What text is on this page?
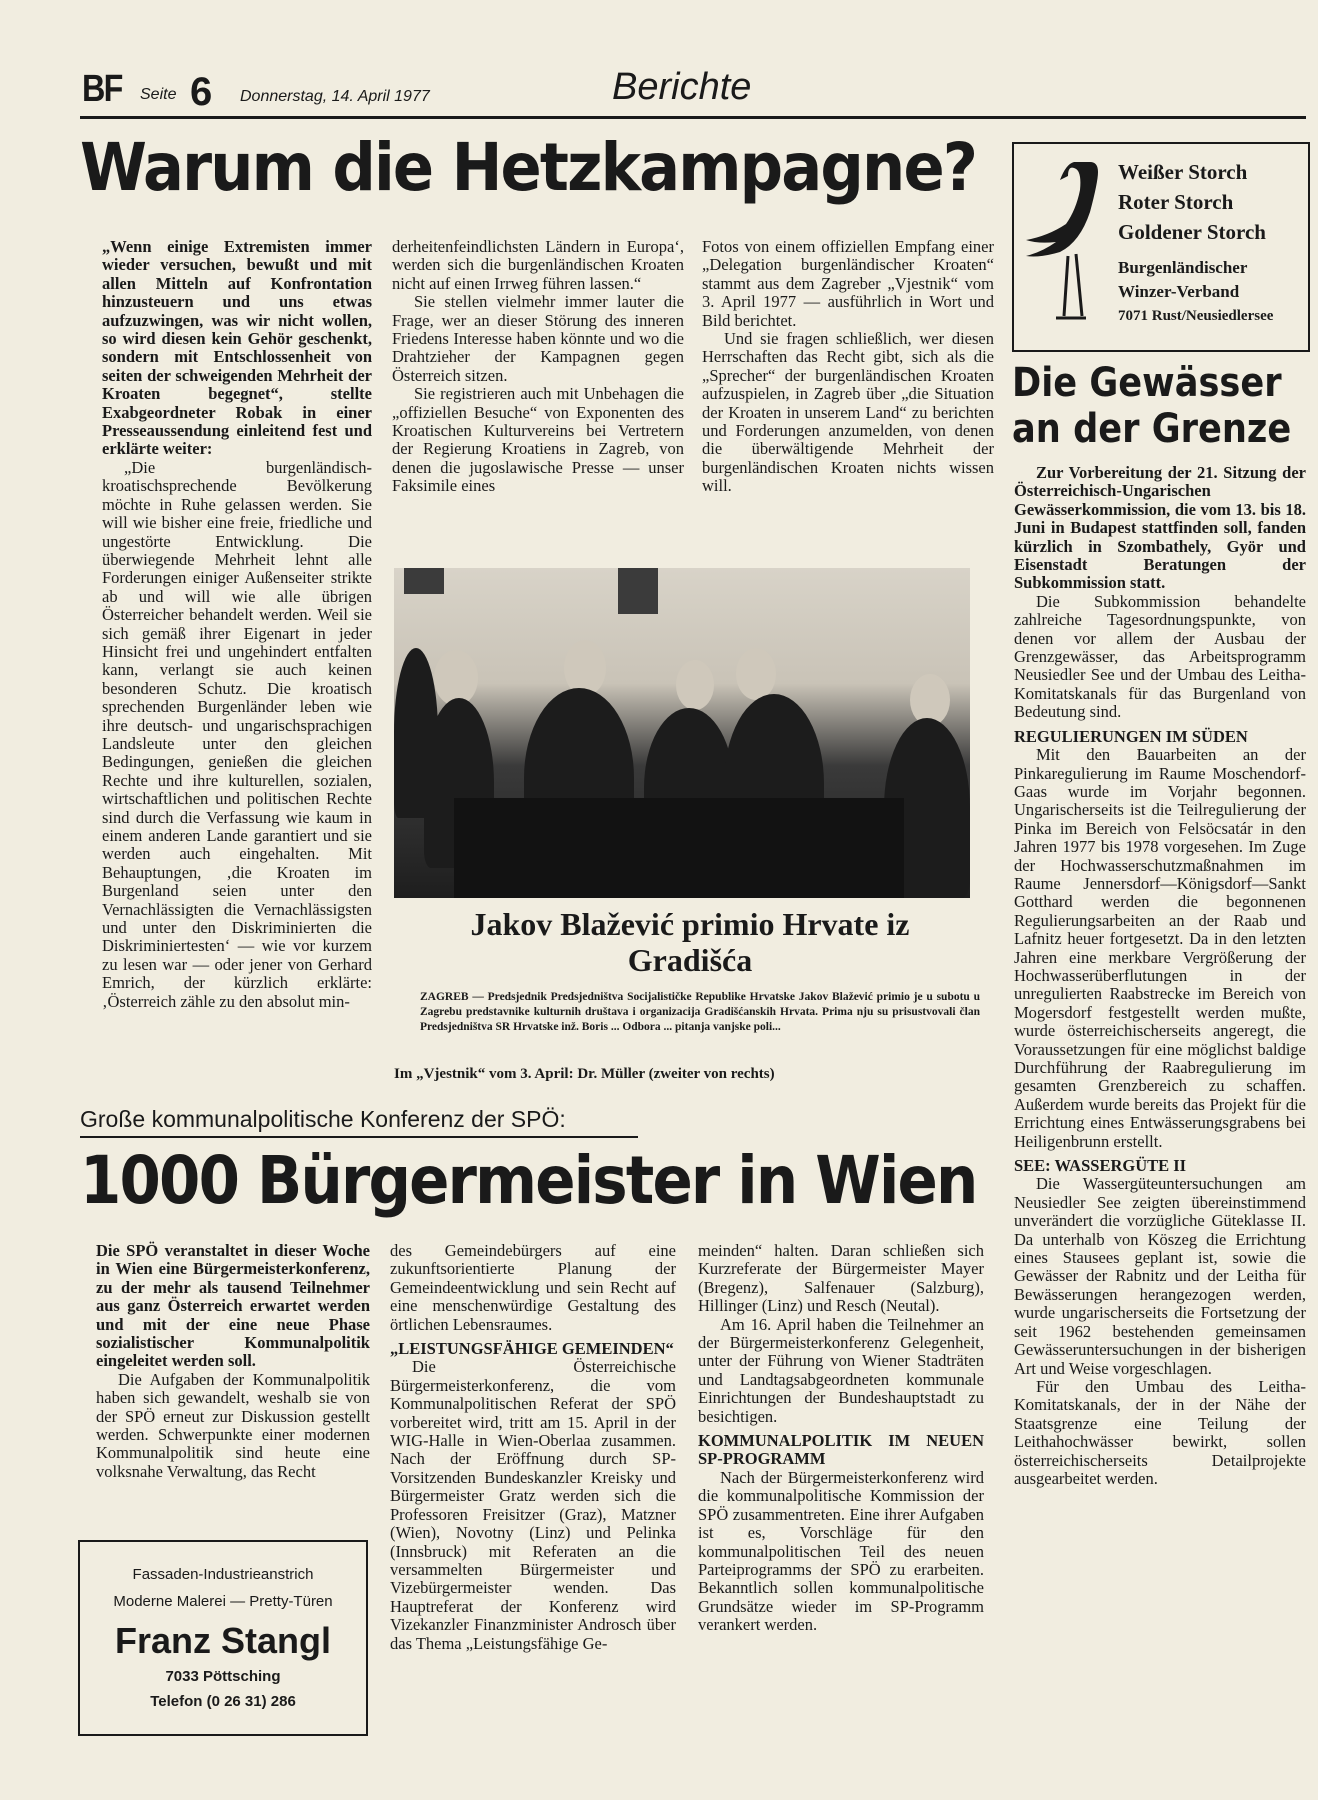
BF Seite 6 Donnerstag, 14. April 1977	Berichte
Warum die Hetzkampagne?

„Wenn einige Extremisten immer wieder versuchen, bewußt und mit allen Mitteln auf Konfrontation hinzusteuern und uns etwas aufzuzwingen, was wir nicht wollen, so wird diesen kein Gehör geschenkt, sondern mit Entschlossenheit von seiten der schweigenden Mehrheit der Kroaten begegnet“, stellte Exabgeordneter Robak in einer Presseaussendung einleitend fest und erklärte weiter:

„Die burgenländisch-kroatischsprechende Bevölkerung möchte in Ruhe gelassen werden. Sie will wie bisher eine freie, friedliche und ungestörte Entwicklung. Die überwiegende Mehrheit lehnt alle Forderungen einiger Außenseiter strikte ab und will wie alle übrigen Österreicher behandelt werden. Weil sie sich gemäß ihrer Eigenart in jeder Hinsicht frei und ungehindert entfalten kann, verlangt sie auch keinen besonderen Schutz. Die kroatisch sprechenden Burgenländer leben wie ihre deutsch- und ungarischsprachigen Landsleute unter den gleichen Bedingungen, genießen die gleichen Rechte und ihre kulturellen, sozialen, wirtschaftlichen und politischen Rechte sind durch die Verfassung wie kaum in einem anderen Lande garantiert und sie werden auch eingehalten. Mit Behauptungen, ‚die Kroaten im Burgenland seien unter den Vernachlässigten die Vernachlässigsten und unter den Diskriminierten die Diskriminiertesten‘ — wie vor kurzem zu lesen war — oder jener von Gerhard Emrich, der kürzlich erklärte: ‚Österreich zähle zu den absolut min-

derheitenfeindlichsten Ländern in Europa‘, werden sich die burgenländischen Kroaten nicht auf einen Irrweg führen lassen.“

Sie stellen vielmehr immer lauter die Frage, wer an dieser Störung des inneren Friedens Interesse haben könnte und wo die Drahtzieher der Kampagnen gegen Österreich sitzen.

Sie registrieren auch mit Unbehagen die „offiziellen Besuche“ von Exponenten des Kroatischen Kulturvereins bei Vertretern der Regierung Kroatiens in Zagreb, von denen die jugoslawische Presse — unser Faksimile eines

Fotos von einem offiziellen Empfang einer „Delegation burgenländischer Kroaten“ stammt aus dem Zagreber „Vjestnik“ vom 3. April 1977 — ausführlich in Wort und Bild berichtet.

Und sie fragen schließlich, wer diesen Herrschaften das Recht gibt, sich als die „Sprecher“ der burgenländischen Kroaten aufzuspielen, in Zagreb über „die Situation der Kroaten in unserem Land“ zu berichten und Forderungen anzumelden, von denen die überwältigende Mehrheit der burgenländischen Kroaten nichts wissen will.

Jakov Blažević primio Hrvate iz Gradišća
ZAGREB — Predsjednik Predsjedništva Socijalističke Republike Hrvatske Jakov Blažević primio je u subotu u Zagrebu predstavnike kulturnih društava i organizacija Gradišćanskih Hrvata. Prima nju su prisustvovali član Predsjedništva SR Hrvatske inž. Boris ... Odbora ... pitanja vanjske poli...
Im „Vjestnik“ vom 3. April: Dr. Müller (zweiter von rechts)
Große kommunalpolitische Konferenz der SPÖ:
1000 Bürgermeister in Wien

Die SPÖ veranstaltet in dieser Woche in Wien eine Bürgermeisterkonferenz, zu der mehr als tausend Teilnehmer aus ganz Österreich erwartet werden und mit der eine neue Phase sozialistischer Kommunalpolitik eingeleitet werden soll.

Die Aufgaben der Kommunalpolitik haben sich gewandelt, weshalb sie von der SPÖ erneut zur Diskussion gestellt werden. Schwerpunkte einer modernen Kommunalpolitik sind heute eine volksnahe Verwaltung, das Recht

des Gemeindebürgers auf eine zukunftsorientierte Planung der Gemeindeentwicklung und sein Recht auf eine menschenwürdige Gestaltung des örtlichen Lebensraumes.

„LEISTUNGSFÄHIGE GEMEINDEN“

Die Österreichische Bürgermeisterkonferenz, die vom Kommunalpolitischen Referat der SPÖ vorbereitet wird, tritt am 15. April in der WIG-Halle in Wien-Oberlaa zusammen. Nach der Eröffnung durch SP-Vorsitzenden Bundeskanzler Kreisky und Bürgermeister Gratz werden sich die Professoren Freisitzer (Graz), Matzner (Wien), Novotny (Linz) und Pelinka (Innsbruck) mit Referaten an die versammelten Bürgermeister und Vizebürgermeister wenden. Das Hauptreferat der Konferenz wird Vizekanzler Finanzminister Androsch über das Thema „Leistungsfähige Ge-

meinden“ halten. Daran schließen sich Kurzreferate der Bürgermeister Mayer (Bregenz), Salfenauer (Salzburg), Hillinger (Linz) und Resch (Neutal).

Am 16. April haben die Teilnehmer an der Bürgermeisterkonferenz Gelegenheit, unter der Führung von Wiener Stadträten und Landtagsabgeordneten kommunale Einrichtungen der Bundeshauptstadt zu besichtigen.

KOMMUNALPOLITIK IM NEUEN SP-PROGRAMM

Nach der Bürgermeisterkonferenz wird die kommunalpolitische Kommission der SPÖ zusammentreten. Eine ihrer Aufgaben ist es, Vorschläge für den kommunalpolitischen Teil des neuen Parteiprogramms der SPÖ zu erarbeiten. Bekanntlich sollen kommunalpolitische Grundsätze wieder im SP-Programm verankert werden.

Weißer Storch
Roter Storch
Goldener Storch
Burgenländischer
Winzer-Verband
7071 Rust/Neusiedlersee
Die Gewässer
an der Grenze

Zur Vorbereitung der 21. Sitzung der Österreichisch-Ungarischen Gewässerkommission, die vom 13. bis 18. Juni in Budapest stattfinden soll, fanden kürzlich in Szombathely, Györ und Eisenstadt Beratungen der Subkommission statt.

Die Subkommission behandelte zahlreiche Tagesordnungspunkte, von denen vor allem der Ausbau der Grenzgewässer, das Arbeitsprogramm Neusiedler See und der Umbau des Leitha-Komitatskanals für das Burgenland von Bedeutung sind.

REGULIERUNGEN IM SÜDEN

Mit den Bauarbeiten an der Pinkaregulierung im Raume Moschendorf-Gaas wurde im Vorjahr begonnen. Ungarischerseits ist die Teilregulierung der Pinka im Bereich von Felsöcsatár in den Jahren 1977 bis 1978 vorgesehen. Im Zuge der Hochwasserschutzmaßnahmen im Raume Jennersdorf—Königsdorf—Sankt Gotthard werden die begonnenen Regulierungsarbeiten an der Raab und Lafnitz heuer fortgesetzt. Da in den letzten Jahren eine merkbare Vergrößerung der Hochwasserüberflutungen in der unregulierten Raabstrecke im Bereich von Mogersdorf festgestellt werden mußte, wurde österreichischerseits angeregt, die Voraussetzungen für eine möglichst baldige Durchführung der Raabregulierung im gesamten Grenzbereich zu schaffen. Außerdem wurde bereits das Projekt für die Errichtung eines Entwässerungsgrabens bei Heiligenbrunn erstellt.

SEE: WASSERGÜTE II

Die Wassergüteuntersuchungen am Neusiedler See zeigten übereinstimmend unverändert die vorzügliche Güteklasse II. Da unterhalb von Köszeg die Errichtung eines Stausees geplant ist, sowie die Gewässer der Rabnitz und der Leitha für Bewässerungen herangezogen werden, wurde ungarischerseits die Fortsetzung der seit 1962 bestehenden gemeinsamen Gewässeruntersuchungen in der bisherigen Art und Weise vorgeschlagen.

Für den Umbau des Leitha-Komitatskanals, der in der Nähe der Staatsgrenze eine Teilung der Leithahochwässer bewirkt, sollen österreichischerseits Detailprojekte ausgearbeitet werden.

Fassaden-Industrieanstrich
Moderne Malerei — Pretty-Türen
Franz Stangl
7033 Pöttsching
Telefon (0 26 31) 286
